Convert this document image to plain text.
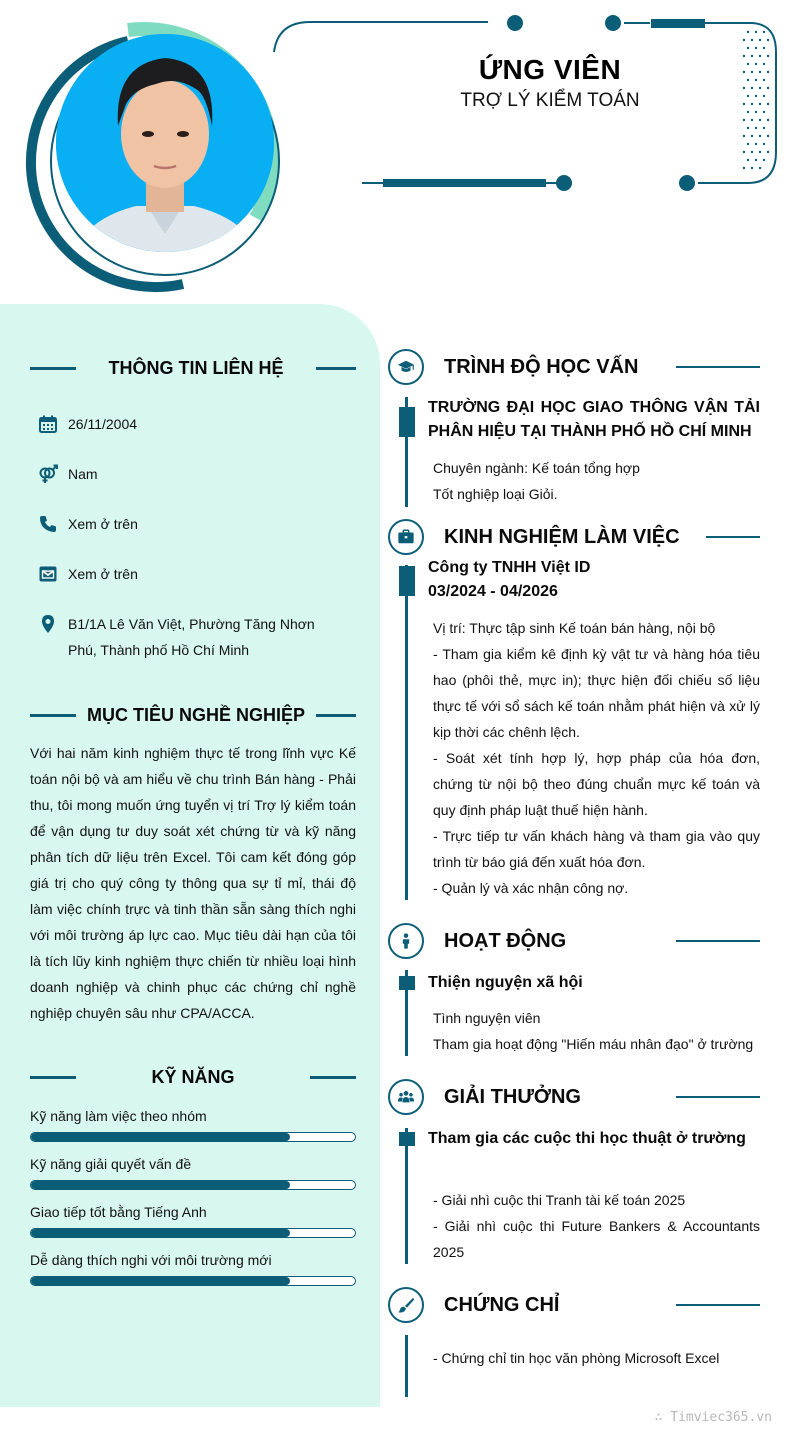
ỨNG VIÊN
TRỢ LÝ KIỂM TOÁN
THÔNG TIN LIÊN HỆ
26/11/2004
Nam
Xem ở trên
Xem ở trên
B1/1A Lê Văn Việt, Phường Tăng Nhơn Phú, Thành phố Hồ Chí Minh
MỤC TIÊU NGHỀ NGHIỆP
Với hai năm kinh nghiệm thực tế trong lĩnh vực Kế toán nội bộ và am hiểu về chu trình Bán hàng - Phải thu, tôi mong muốn ứng tuyển vị trí Trợ lý kiểm toán để vận dụng tư duy soát xét chứng từ và kỹ năng phân tích dữ liệu trên Excel. Tôi cam kết đóng góp giá trị cho quý công ty thông qua sự tỉ mỉ, thái độ làm việc chính trực và tinh thần sẵn sàng thích nghi với môi trường áp lực cao. Mục tiêu dài hạn của tôi là tích lũy kinh nghiệm thực chiến từ nhiều loại hình doanh nghiệp và chinh phục các chứng chỉ nghề nghiệp chuyên sâu như CPA/ACCA.
KỸ NĂNG
Kỹ năng làm việc theo nhóm
Kỹ năng giải quyết vấn đề
Giao tiếp tốt bằng Tiếng Anh
Dễ dàng thích nghi với môi trường mới
TRÌNH ĐỘ HỌC VẤN
TRƯỜNG ĐẠI HỌC GIAO THÔNG VẬN TẢI
PHÂN HIỆU TẠI THÀNH PHỐ HỒ CHÍ MINH
Chuyên ngành: Kế toán tổng hợp
Tốt nghiệp loại Giỏi.
KINH NGHIỆM LÀM VIỆC
Công ty TNHH Việt ID
03/2024 - 04/2026
Vị trí: Thực tập sinh Kế toán bán hàng, nội bộ
- Tham gia kiểm kê định kỳ vật tư và hàng hóa tiêu hao (phôi thẻ, mực in); thực hiện đối chiếu số liệu thực tế với sổ sách kế toán nhằm phát hiện và xử lý kịp thời các chênh lệch.
- Soát xét tính hợp lý, hợp pháp của hóa đơn, chứng từ nội bộ theo đúng chuẩn mực kế toán và quy định pháp luật thuế hiện hành.
- Trực tiếp tư vấn khách hàng và tham gia vào quy trình từ báo giá đến xuất hóa đơn.
- Quản lý và xác nhận công nợ.
HOẠT ĐỘNG
Thiện nguyện xã hội
Tình nguyện viên
Tham gia hoạt động "Hiến máu nhân đạo" ở trường
GIẢI THƯỞNG
Tham gia các cuộc thi học thuật ở trường
- Giải nhì cuộc thi Tranh tài kế toán 2025
- Giải nhì cuộc thi Future Bankers & Accountants 2025
CHỨNG CHỈ
- Chứng chỉ tin học văn phòng Microsoft Excel
∴ Timviec365.vn
